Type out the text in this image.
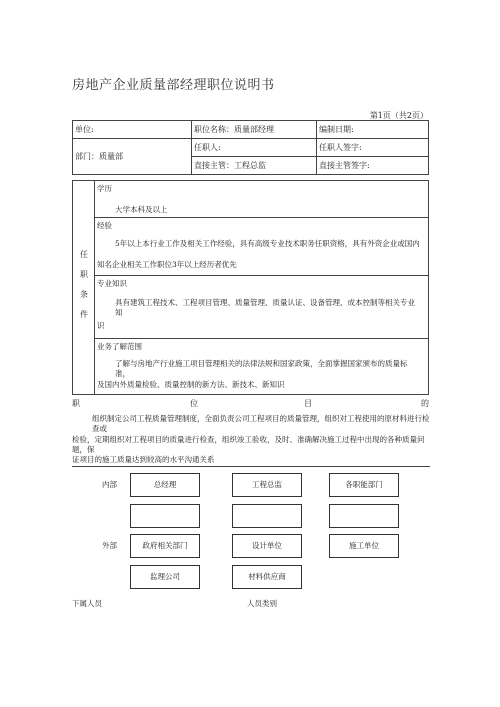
房地产企业质量部经理职位说明书
第1页（共2页）
单位:	职位名称：质量部经理	编制日期:
部门：质量部	任职人:	任职人签字:
	直接主管：工程总监	直接主管签字:
任
职
条
件
学历
大学本科及以上
经验
5年以上本行业工作及相关工作经验，具有高级专业技术职务任职资格，具有外资企业或国内
知名企业相关工作职位3年以上经历者优先
专业知识
具有建筑工程技术、工程项目管理、质量管理、质量认证、设备管理、成本控制等相关专业知
识
业务了解范围
了解与房地产行业施工项目管理相关的法律法规和国家政策，全面掌握国家颁布的质量标准，
及国内外质量检验、质量控制的新方法、新技术、新知识
职	位	目	的
组织制定公司工程质量管理制度，全面负责公司工程项目的质量管理，组织对工程使用的原材料进行检查或
检验，定期组织对工程项目的质量进行检查，组织竣工验收，及时、准确解决施工过程中出现的各种质量问题，保
证项目的施工质量达到较高的水平沟通关系
内部	总经理	工程总监	各职能部门
外部	政府相关部门	设计单位	施工单位
监理公司	材料供应商
下属人员	人员类别
